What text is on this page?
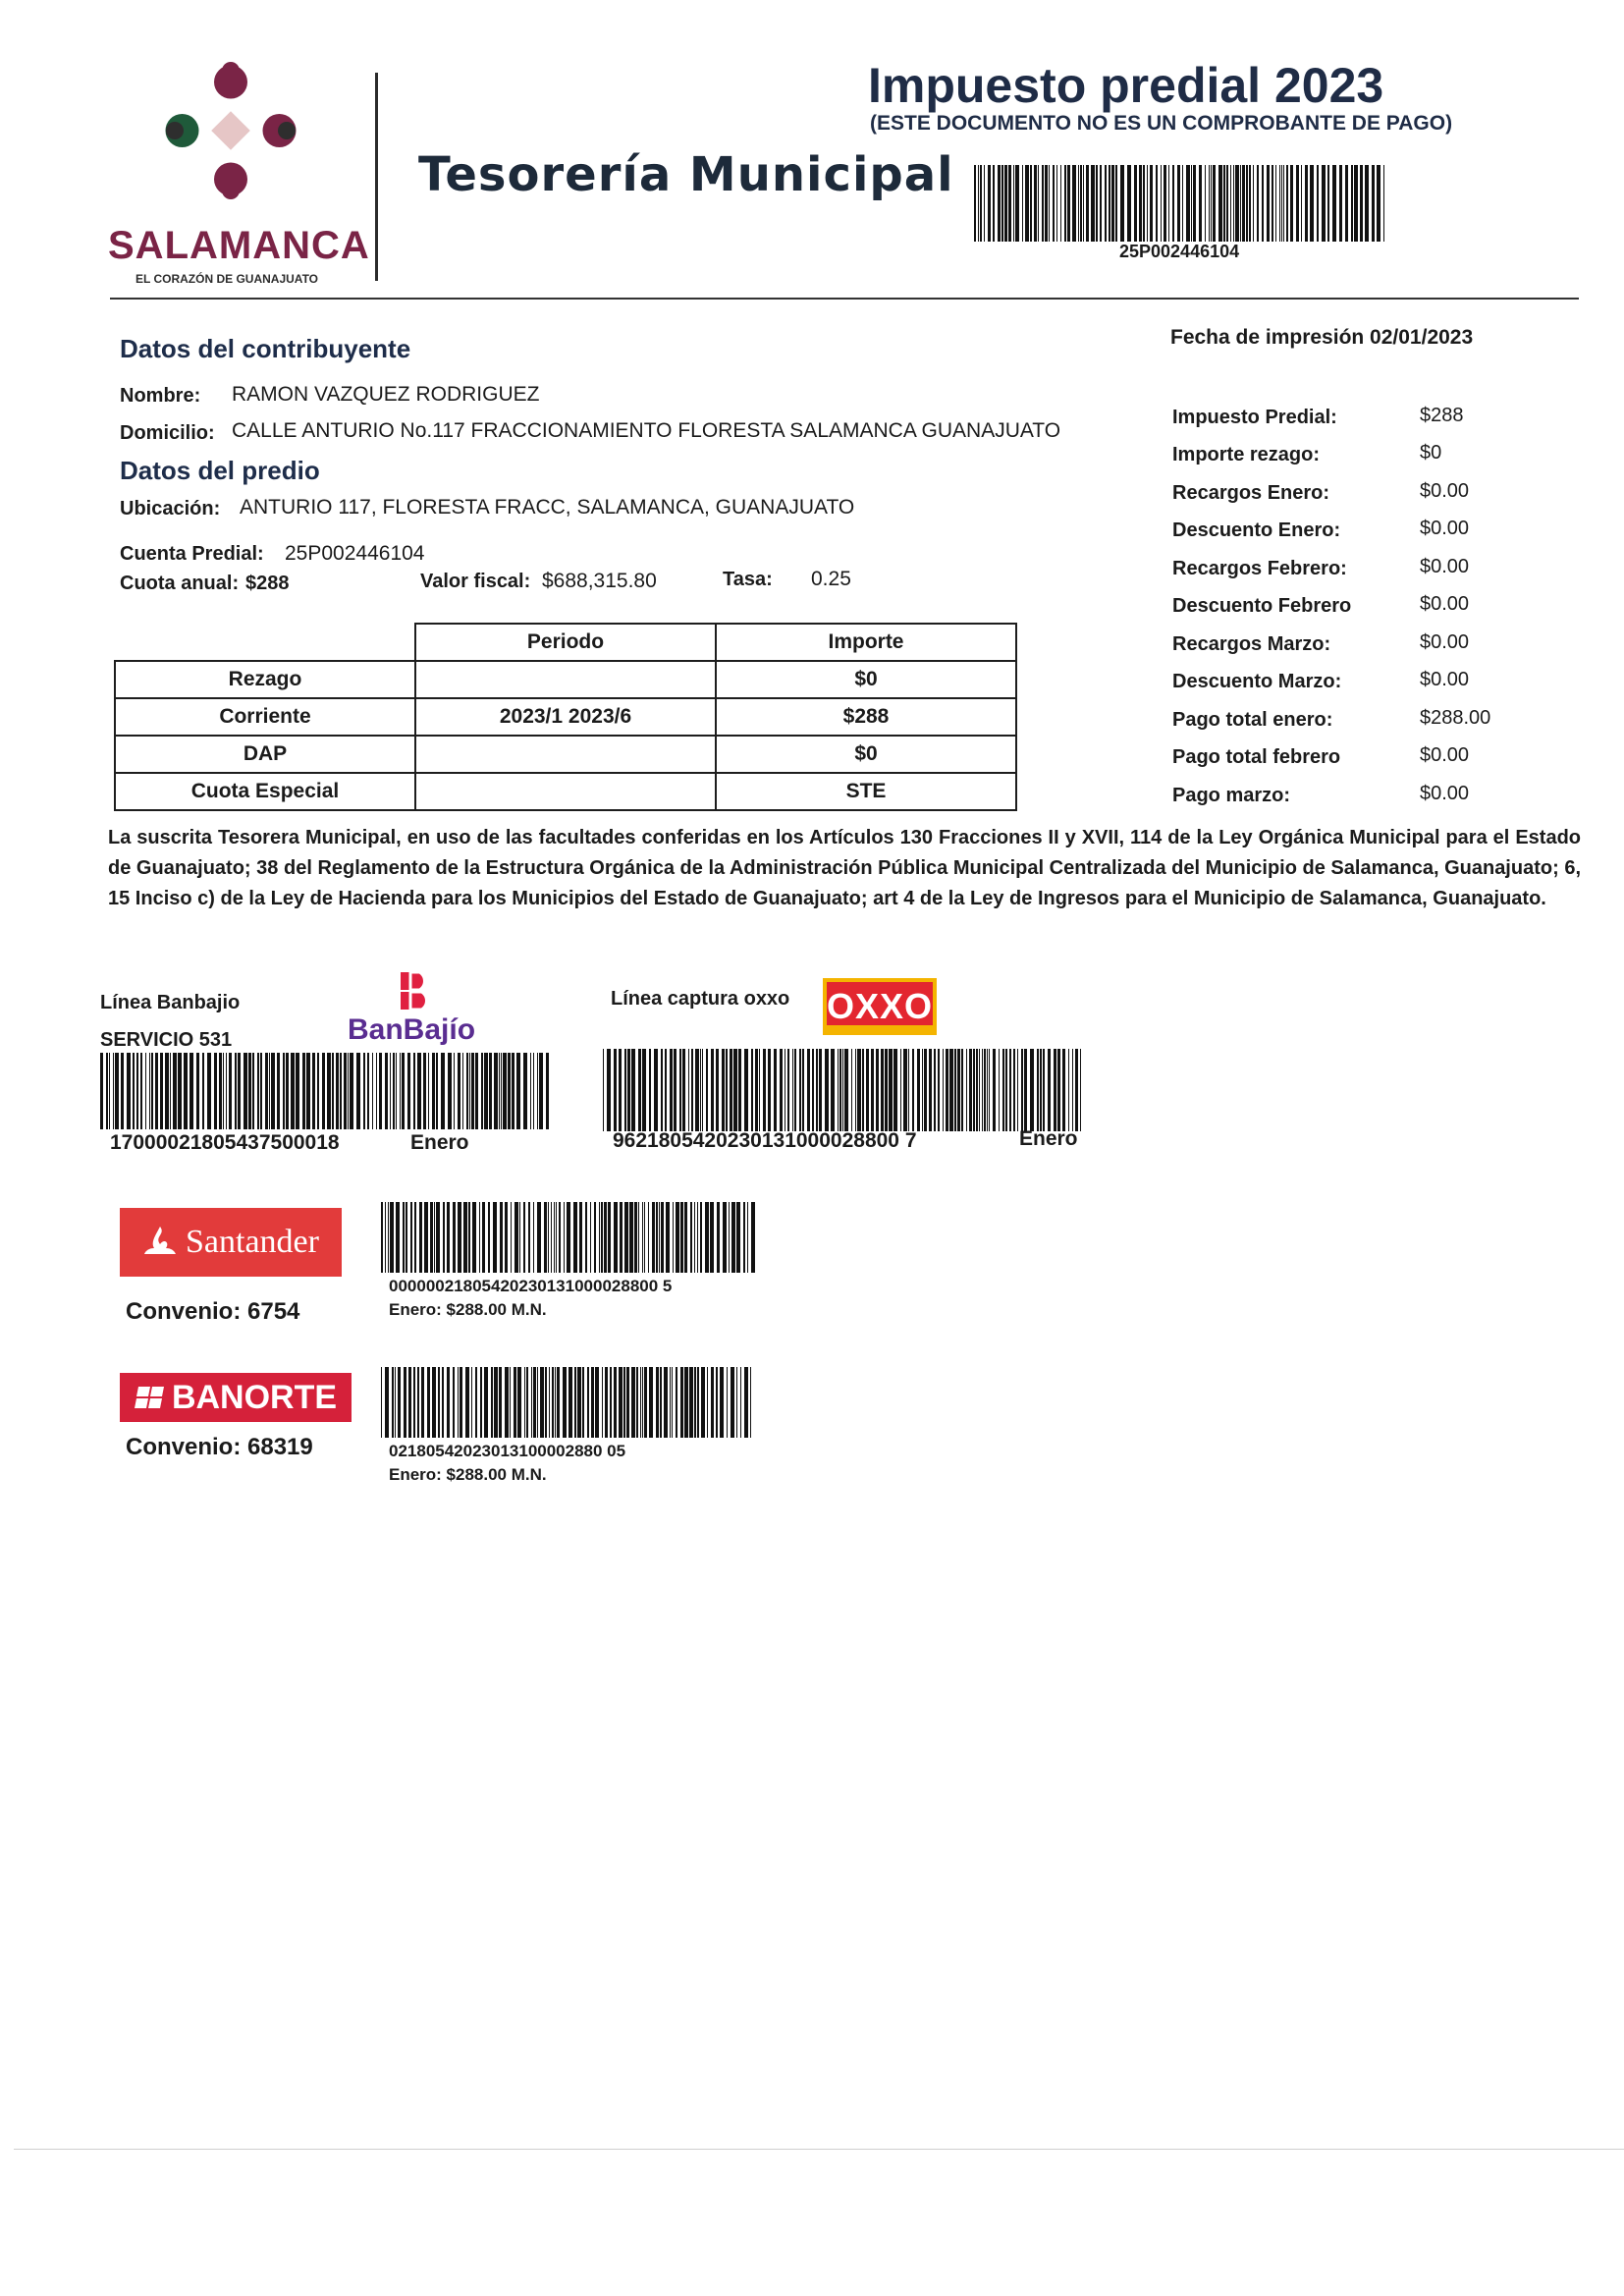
SALAMANCA
EL CORAZÓN DE GUANAJUATO
Tesorería Municipal
Impuesto predial 2023
(ESTE DOCUMENTO NO ES UN COMPROBANTE DE PAGO)
25P002446104
Fecha de impresión 02/01/2023
Datos del contribuyente
Nombre: RAMON VAZQUEZ RODRIGUEZ
Domicilio: CALLE ANTURIO No.117 FRACCIONAMIENTO FLORESTA SALAMANCA GUANAJUATO
Datos del predio
Ubicación: ANTURIO 117, FLORESTA FRACC, SALAMANCA, GUANAJUATO
Cuenta Predial: 25P002446104
Cuota anual: $288	Valor fiscal: $688,315.80	Tasa: 0.25
	Periodo	Importe
Rezago		$0
Corriente	2023/1 2023/6	$288
DAP		$0
Cuota Especial		STE
Impuesto Predial:	$288
Importe rezago:	$0
Recargos Enero:	$0.00
Descuento Enero:	$0.00
Recargos Febrero:	$0.00
Descuento Febrero	$0.00
Recargos Marzo:	$0.00
Descuento Marzo:	$0.00
Pago total enero:	$288.00
Pago total febrero	$0.00
Pago marzo:	$0.00
La suscrita Tesorera Municipal, en uso de las facultades conferidas en los Artículos 130 Fracciones II y XVII, 114 de la Ley Orgánica Municipal para el Estado de Guanajuato; 38 del Reglamento de la Estructura Orgánica de la Administración Pública Municipal Centralizada del Municipio de Salamanca, Guanajuato; 6, 15 Inciso c) de la Ley de Hacienda para los Municipios del Estado de Guanajuato; art 4 de la Ley de Ingresos para el Municipio de Salamanca, Guanajuato.
Línea Banbajio
SERVICIO 531	BanBajío
17000021805437500018	Enero
Línea captura oxxo OXXO
9621805420230131000028800 7	Enero
Santander
Convenio: 6754
00000021805420230131000028800 5
Enero: $288.00 M.N.
BANORTE
Convenio: 68319	02180542023013100002880 05
Enero: $288.00 M.N.
